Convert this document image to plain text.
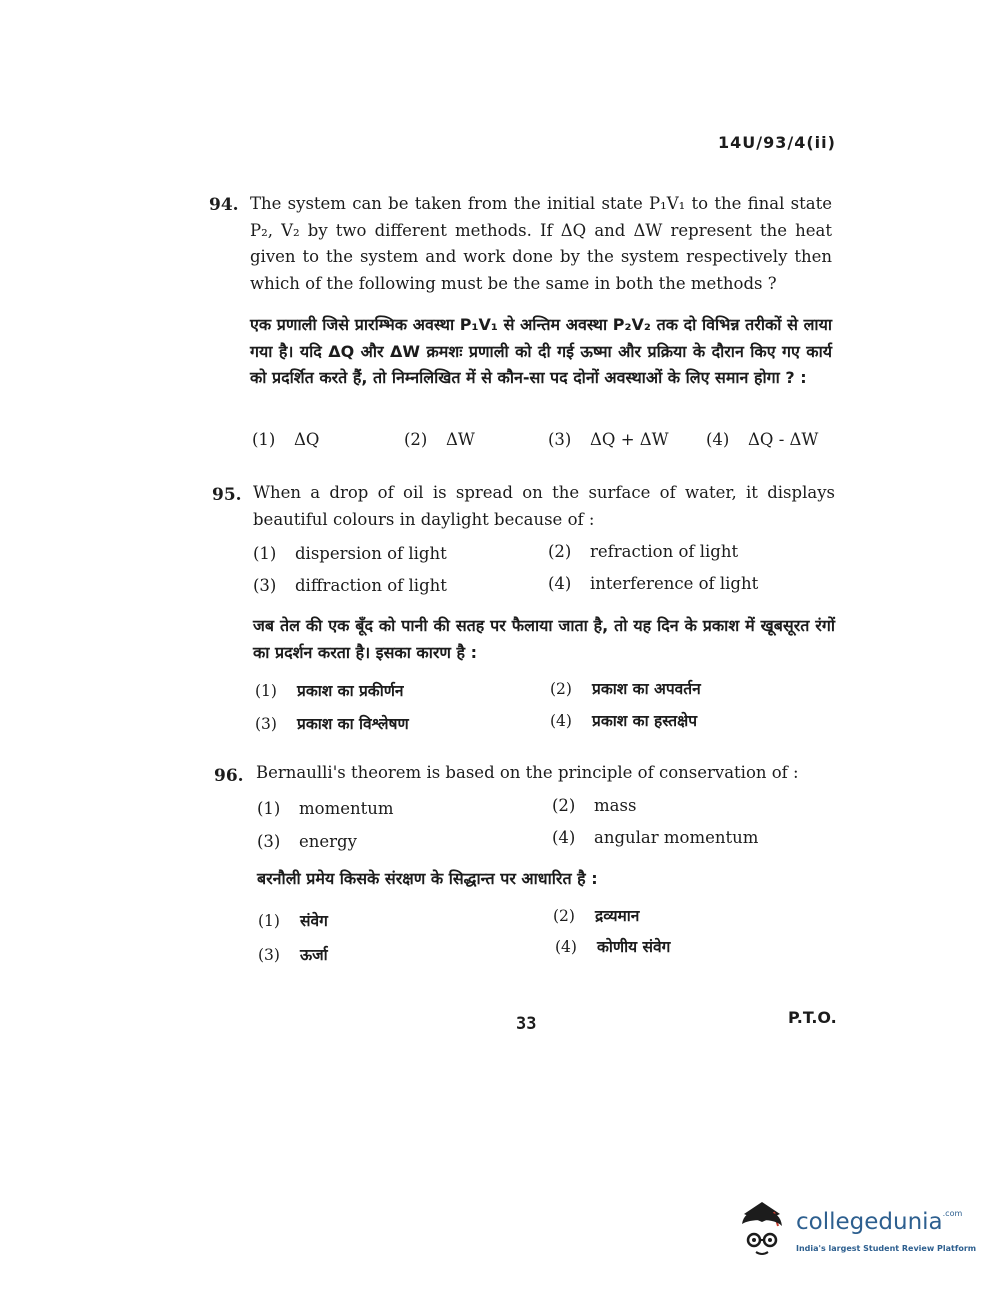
14U/93/4(ii)
94. The system can be taken from the initial state P₁V₁ to the final state P₂, V₂ by two different methods. If ΔQ and ΔW represent the heat given to the system and work done by the system respectively then which of the following must be the same in both the methods ?
एक प्रणाली जिसे प्रारम्भिक अवस्था P₁V₁ से अन्तिम अवस्था P₂V₂ तक दो विभिन्न तरीकों से लाया गया है। यदि ΔQ और ΔW क्रमशः प्रणाली को दी गई ऊष्मा और प्रक्रिया के दौरान किए गए कार्य को प्रदर्शित करते हैं, तो निम्नलिखित में से कौन-सा पद दोनों अवस्थाओं के लिए समान होगा ? :
(1) ΔQ	(2) ΔW	(3) ΔQ + ΔW (4) ΔQ - ΔW
95. When a drop of oil is spread on the surface of water, it displays beautiful colours in daylight because of :
(1) dispersion of light	(2) refraction of light
(3) diffraction of light	(4) interference of light
जब तेल की एक बूँद को पानी की सतह पर फैलाया जाता है, तो यह दिन के प्रकाश में खूबसूरत रंगों का प्रदर्शन करता है। इसका कारण है :
(1) प्रकाश का प्रकीर्णन	(2) प्रकाश का अपवर्तन
(3) प्रकाश का विश्लेषण	(4) प्रकाश का हस्तक्षेप
96. Bernaulli's theorem is based on the principle of conservation of :
(1) momentum	(2) mass
(3) energy	(4) angular momentum
बरनौली प्रमेय किसके संरक्षण के सिद्धान्त पर आधारित है :
(1) संवेग	(2) द्रव्यमान
(3) ऊर्जा	(4) कोणीय संवेग
33	P.T.O.
collegedunia$^{.com}$
India's largest Student Review Platform
